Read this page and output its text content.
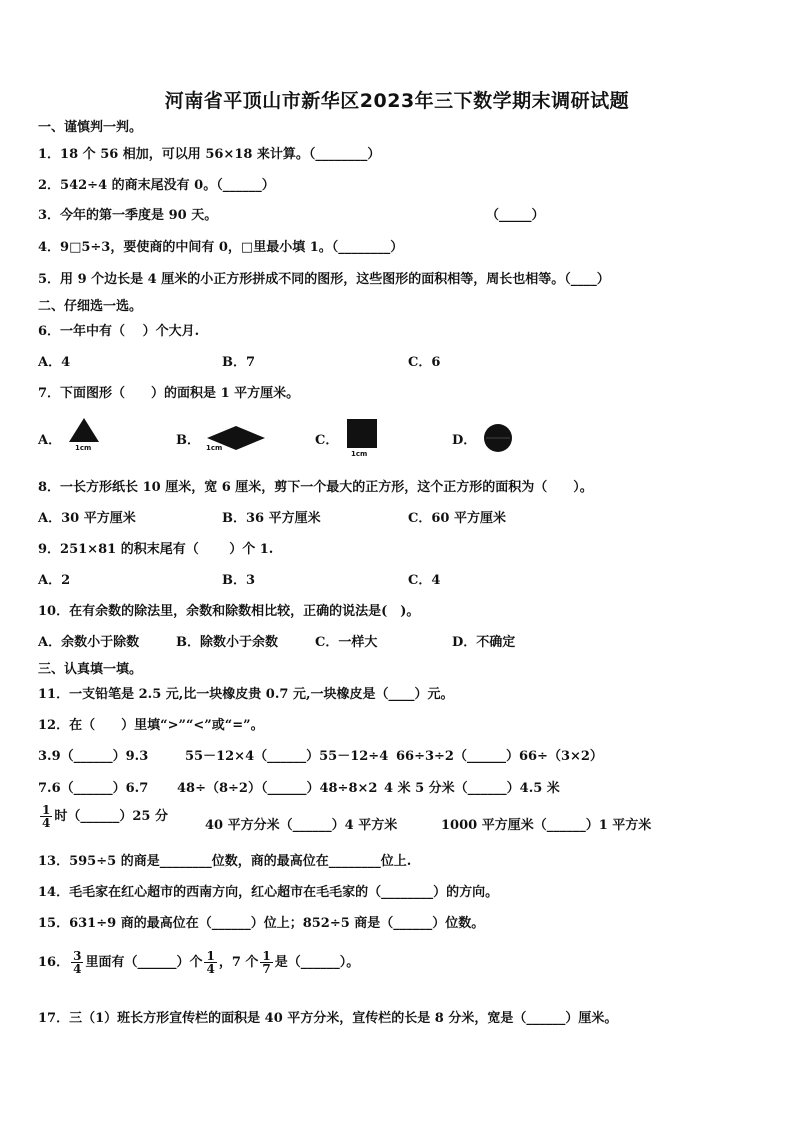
河南省平顶山市新华区2023年三下数学期末调研试题
一、谨慎判一判。
1．18 个 56 相加，可以用 56×18 来计算。（________）
2．542÷4 的商末尾没有 0。（______）
3．今年的第一季度是 90 天。	（_____）
4．9□5÷3，要使商的中间有 0，□里最小填 1。（________）
5．用 9 个边长是 4 厘米的小正方形拼成不同的图形，这些图形的面积相等，周长也相等。（____）
二、仔细选一选。
6．一年中有（　 ）个大月.
A．4	B．7	C．6
7．下面图形（　　）的面积是 1 平方厘米。
A． 1cm	B． 1cm	C．
1cm
D．
8．一长方形纸长 10 厘米，宽 6 厘米，剪下一个最大的正方形，这个正方形的面积为（　　）。
A．30 平方厘米	B．36 平方厘米	C．60 平方厘米
9．251×81 的积末尾有（　　 ）个 1.
A．2	B．3	C．4
10．在有余数的除法里，余数和除数相比较，正确的说法是(　)。
A．余数小于除数	B．除数小于余数	C．一样大	D．不确定
三、认真填一填。
11．一支铅笔是 2.5 元,比一块橡皮贵 0.7 元,一块橡皮是（____）元。
12．在（　　）里填“>”“<”或“=”。
3.9（______）9.3	55－12×4（______）55－12÷4 66÷3÷2（______）66÷（3×2）
7.6（______）6.7 48÷（8÷2）（______）48÷8×2 4 米 5 分米（______）4.5 米
$\frac{1}{4}$ 时（______）25 分
40 平方分米（______）4 平方米	1000 平方厘米（______）1 平方米
13．595÷5 的商是________位数，商的最高位在________位上.
14．毛毛家在红心超市的西南方向，红心超市在毛毛家的（________）的方向。
15．631÷9 商的最高位在（______）位上；852÷5 商是（______）位数。
16． $\frac{3}{4}$ 里面有（______）个 $\frac{1}{4}$ ，7 个 $\frac{1}{7}$ 是（______）。
17．三（1）班长方形宣传栏的面积是 40 平方分米，宣传栏的长是 8 分米，宽是（______）厘米。
